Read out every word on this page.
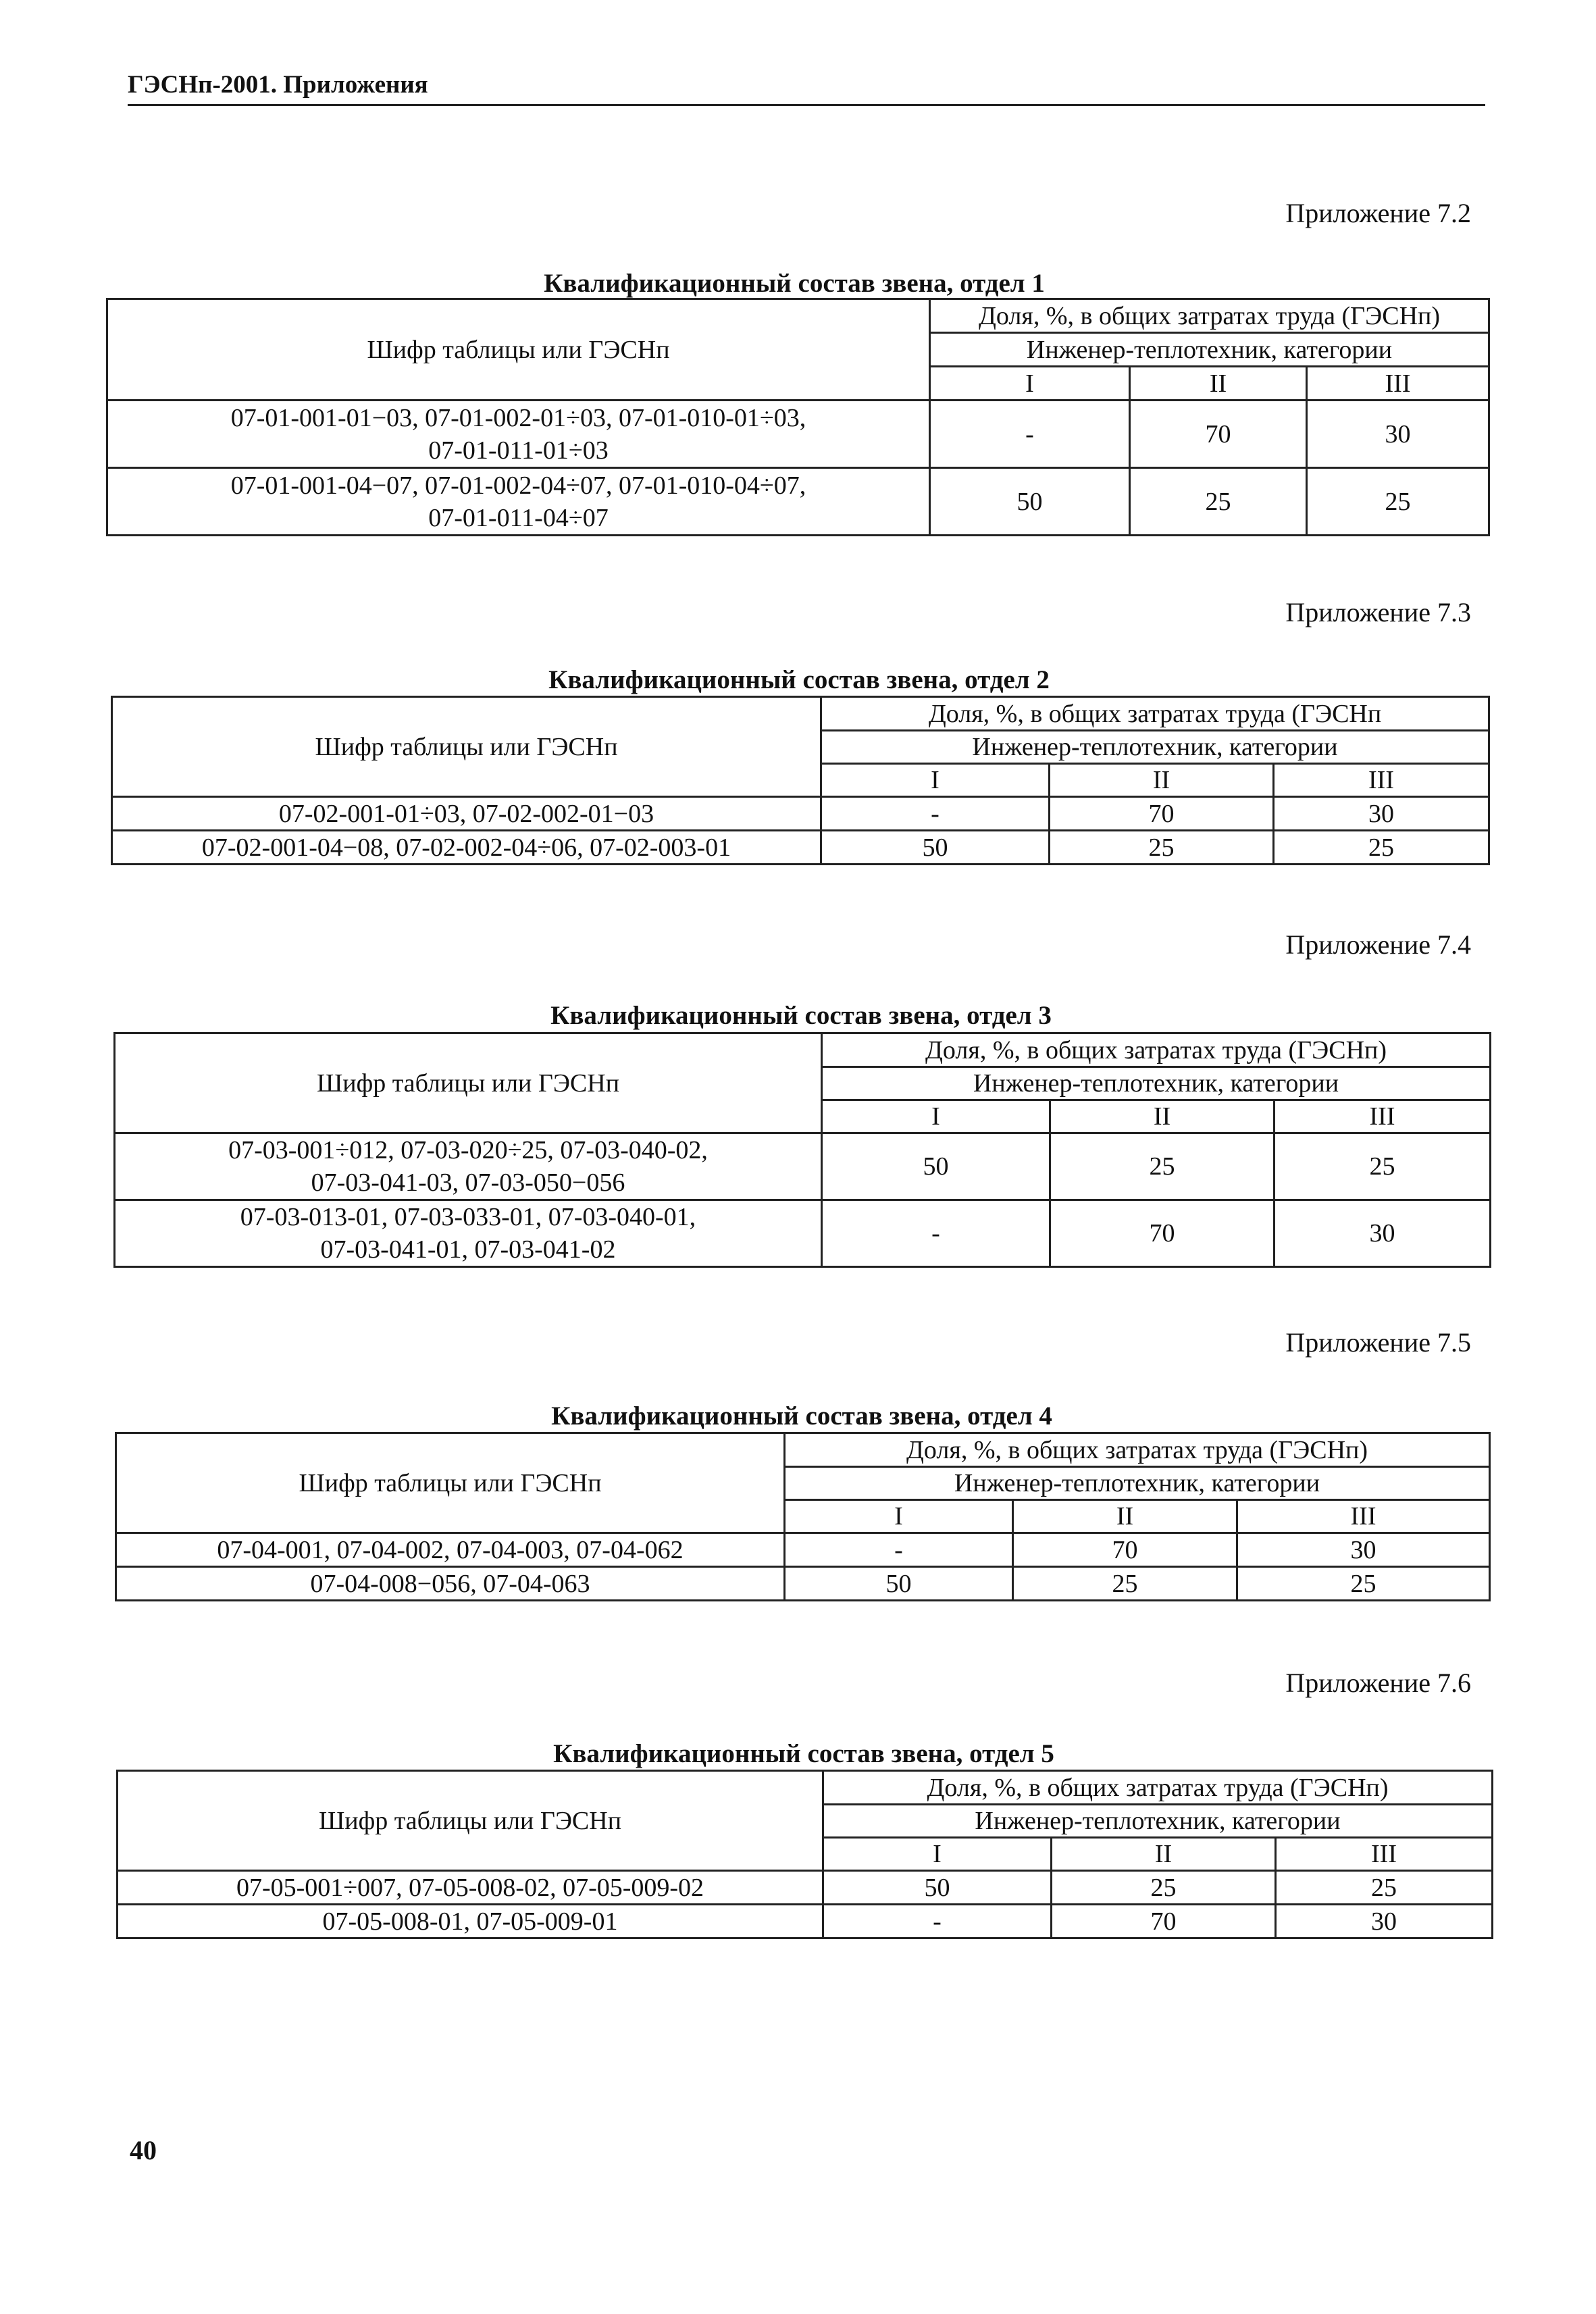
ГЭСНп-2001. Приложения
Приложение 7.2
Квалификационный состав звена, отдел 1
Шифр таблицы или ГЭСНп	Доля, %, в общих затратах труда (ГЭСНп)		
	Инженер-теплотехник, категории		
	I	II	III
07-01-001-01−03, 07-01-002-01÷03, 07-01-010-01÷03,
07-01-011-01÷03	-	70	30
07-01-001-04−07, 07-01-002-04÷07, 07-01-010-04÷07,
07-01-011-04÷07	50	25	25
Приложение 7.3
Квалификационный состав звена, отдел 2
Шифр таблицы или ГЭСНп	Доля, %, в общих затратах труда (ГЭСНп		
	Инженер-теплотехник, категории		
	I	II	III
07-02-001-01÷03, 07-02-002-01−03	-	70	30
07-02-001-04−08, 07-02-002-04÷06, 07-02-003-01	50	25	25
Приложение 7.4
Квалификационный состав звена, отдел 3
Шифр таблицы или ГЭСНп	Доля, %, в общих затратах труда (ГЭСНп)		
	Инженер-теплотехник, категории		
	I	II	III
07-03-001÷012, 07-03-020÷25, 07-03-040-02,
07-03-041-03, 07-03-050−056	50	25	25
07-03-013-01, 07-03-033-01, 07-03-040-01,
07-03-041-01, 07-03-041-02	-	70	30
Приложение 7.5
Квалификационный состав звена, отдел 4
Шифр таблицы или ГЭСНп	Доля, %, в общих затратах труда (ГЭСНп)		
	Инженер-теплотехник, категории		
	I	II	III
07-04-001, 07-04-002, 07-04-003, 07-04-062	-	70	30
07-04-008−056, 07-04-063	50	25	25
Приложение 7.6
Квалификационный состав звена, отдел 5
Шифр таблицы или ГЭСНп	Доля, %, в общих затратах труда (ГЭСНп)		
	Инженер-теплотехник, категории		
	I	II	III
07-05-001÷007, 07-05-008-02, 07-05-009-02	50	25	25
07-05-008-01, 07-05-009-01	-	70	30
40
